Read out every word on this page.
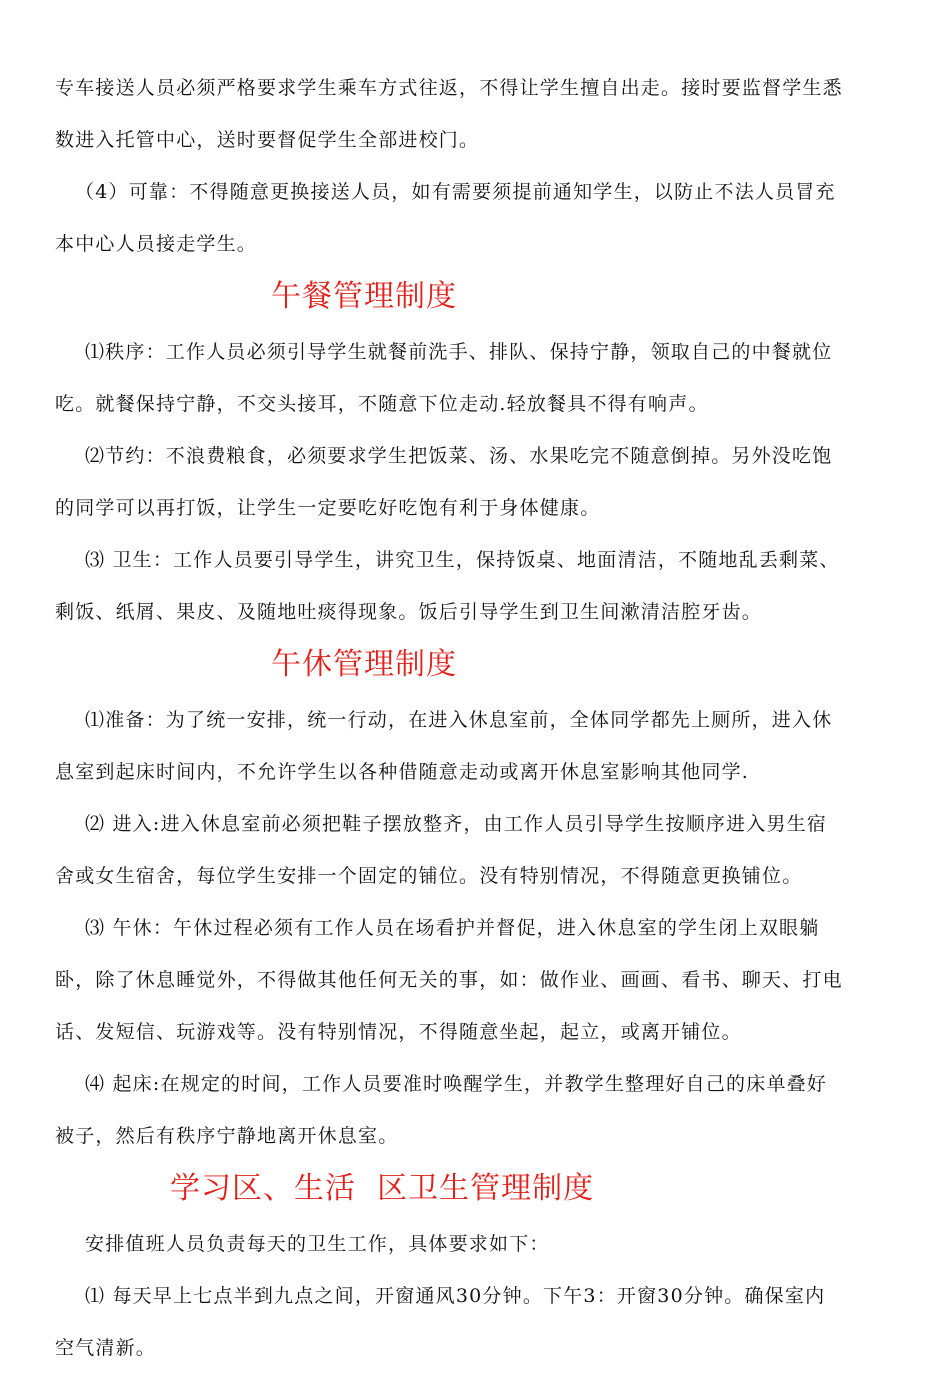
专车接送人员必须严格要求学生乘车方式往返，不得让学生擅自出走。接时要监督学生悉
数进入托管中心，送时要督促学生全部进校门。
（4）可靠：不得随意更换接送人员，如有需要须提前通知学生，以防止不法人员冒充
本中心人员接走学生。
午餐管理制度
⑴秩序：工作人员必须引导学生就餐前洗手、排队、保持宁静，领取自己的中餐就位
吃。就餐保持宁静，不交头接耳，不随意下位走动.轻放餐具不得有响声。
⑵节约：不浪费粮食，必须要求学生把饭菜、汤、水果吃完不随意倒掉。另外没吃饱
的同学可以再打饭，让学生一定要吃好吃饱有利于身体健康。
⑶ 卫生：工作人员要引导学生，讲究卫生，保持饭桌、地面清洁，不随地乱丢剩菜、
剩饭、纸屑、果皮、及随地吐痰得现象。饭后引导学生到卫生间漱清洁腔牙齿。
午休管理制度
⑴准备：为了统一安排，统一行动，在进入休息室前，全体同学都先上厕所，进入休
息室到起床时间内，不允许学生以各种借随意走动或离开休息室影响其他同学.
⑵ 进入:进入休息室前必须把鞋子摆放整齐，由工作人员引导学生按顺序进入男生宿
舍或女生宿舍，每位学生安排一个固定的铺位。没有特别情况，不得随意更换铺位。
⑶ 午休：午休过程必须有工作人员在场看护并督促，进入休息室的学生闭上双眼躺
卧，除了休息睡觉外，不得做其他任何无关的事，如：做作业、画画、看书、聊天、打电
话、发短信、玩游戏等。没有特别情况，不得随意坐起，起立，或离开铺位。
⑷ 起床:在规定的时间，工作人员要准时唤醒学生，并教学生整理好自己的床单叠好
被子，然后有秩序宁静地离开休息室。
学习区、生活  区卫生管理制度
安排值班人员负责每天的卫生工作，具体要求如下：
⑴ 每天早上七点半到九点之间，开窗通风30分钟。下午3：开窗30分钟。确保室内
空气清新。
